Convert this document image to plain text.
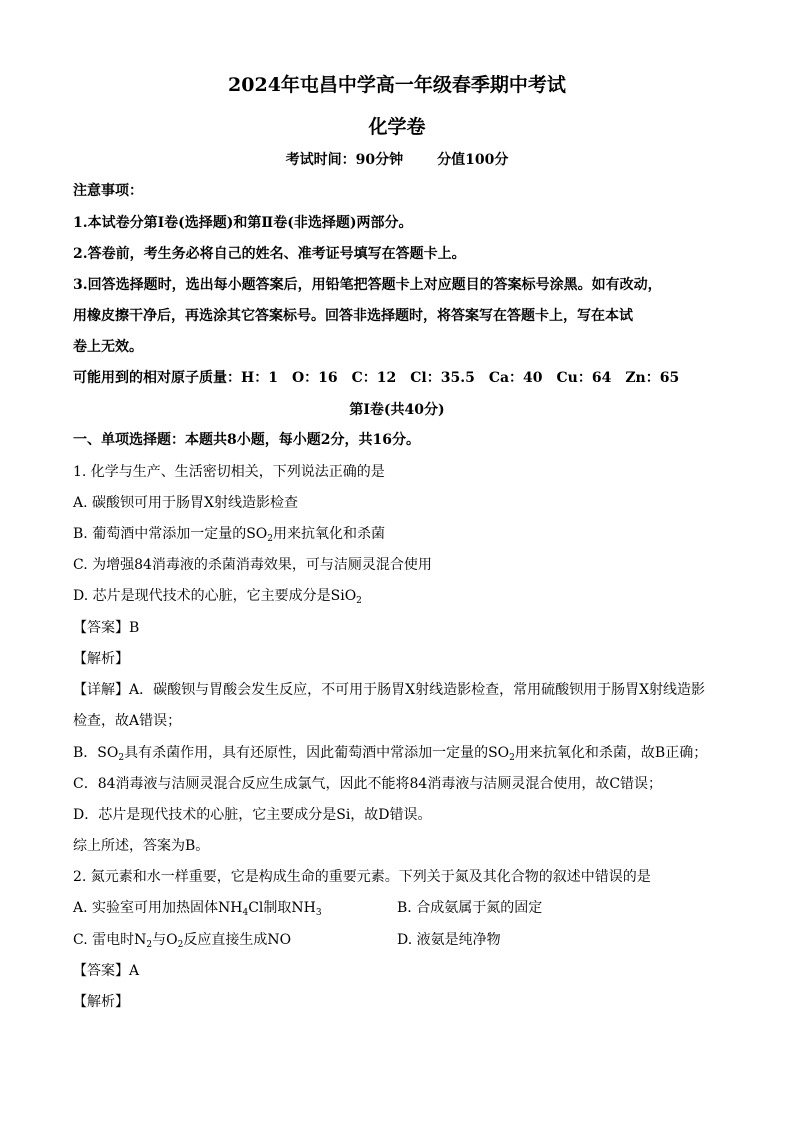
2024年屯昌中学高一年级春季期中考试
化学卷
考试时间：90分钟 分值100分
注意事项：
1.本试卷分第Ⅰ卷(选择题)和第Ⅱ卷(非选择题)两部分。
2.答卷前，考生务必将自己的姓名、准考证号填写在答题卡上。
3.回答选择题时，选出每小题答案后，用铅笔把答题卡上对应题目的答案标号涂黑。如有改动，
用橡皮擦干净后，再选涂其它答案标号。回答非选择题时，将答案写在答题卡上，写在本试
卷上无效。
可能用到的相对原子质量：H：1　O：16　C：12　Cl：35.5　Ca：40　Cu：64　Zn：65
第Ⅰ卷(共40分)
一、单项选择题：本题共8小题，每小题2分，共16分。
1. 化学与生产、生活密切相关，下列说法正确的是
A. 碳酸钡可用于肠胃X射线造影检查
B. 葡萄酒中常添加一定量的$SO_2$用来抗氧化和杀菌
C. 为增强84消毒液的杀菌消毒效果，可与洁厕灵混合使用
D. 芯片是现代技术的心脏，它主要成分是SiO$_2$
【答案】B
【解析】
【详解】A．碳酸钡与胃酸会发生反应，不可用于肠胃X射线造影检查，常用硫酸钡用于肠胃X射线造影
检查，故A错误；
B．$SO_2$具有杀菌作用，具有还原性，因此葡萄酒中常添加一定量的$SO_2$用来抗氧化和杀菌，故B正确；
C．84消毒液与洁厕灵混合反应生成氯气，因此不能将84消毒液与洁厕灵混合使用，故C错误；
D．芯片是现代技术的心脏，它主要成分是Si，故D错误。
综上所述，答案为B。
2. 氮元素和水一样重要，它是构成生命的重要元素。下列关于氮及其化合物的叙述中错误的是
A. 实验室可用加热固体$NH_4Cl$制取$NH_3$	B. 合成氨属于氮的固定
C. 雷电时$N_2$与$O_2$反应直接生成NO	D. 液氨是纯净物
【答案】A
【解析】
